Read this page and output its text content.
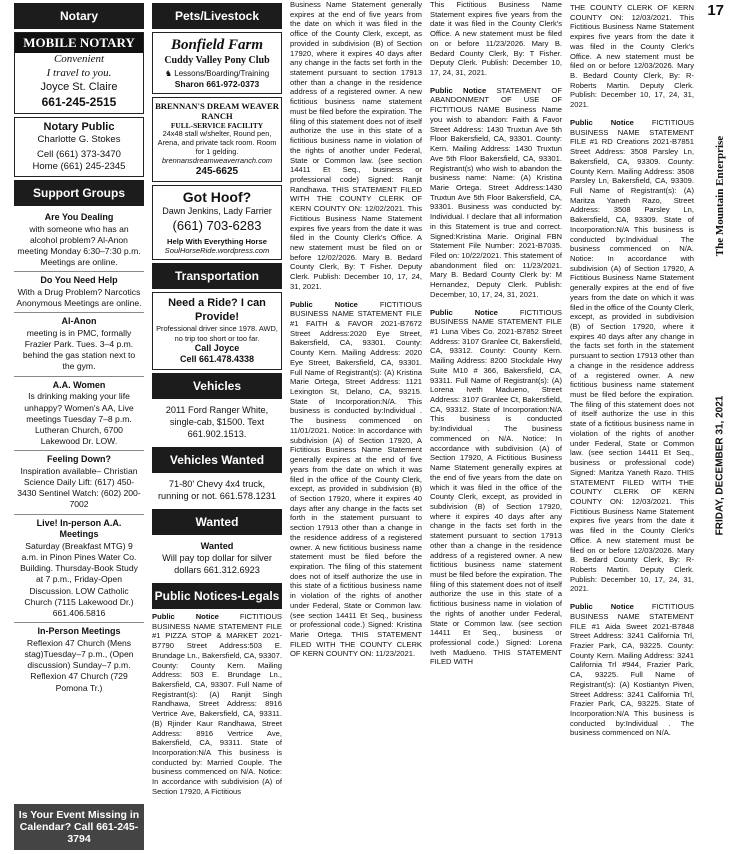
17
The Mountain Enterprise
FRIDAY, DECEMBER 31, 2021
Notary
MOBILE NOTARY
Convenient
I travel to you.
Joyce St. Claire
661-245-2515
Notary Public
Charlotte G. Stokes
Cell (661) 373-3470
Home (661) 245-2345
Support Groups
Are You Dealing
with someone who has an alcohol problem? Al-Anon meeting Monday 6:30–7:30 p.m. Meetings are online.
Do You Need Help
With a Drug Problem? Narcotics Anonymous Meetings are online.
Al-Anon
meeting is in PMC, formally Frazier Park. Tues. 3–4 p.m. behind the gas station next to the gym.
A.A. Women
Is drinking making your life unhappy? Women's AA, Live meetings Tuesday 7–8 p.m. Lutheran Church, 6700 Lakewood Dr. LOW.
Feeling Down?
Inspiration available– Christian Science Daily Lift: (617) 450-3430 Sentinel Watch: (602) 200-7002
Live! In-person A.A. Meetings
Saturday (Breakfast MTG) 9 a.m. in Pinon Pines Water Co. Building. Thursday-Book Study at 7 p.m., Friday-Open Discussion. LOW Catholic Church (7115 Lakewood Dr.) 661.406.5816
In-Person Meetings
Reflexion 47 Church (Mens stag)Tuesday–7 p.m., (Open discussion) Sunday–7 p.m. Reflexion 47 Church (729 Pomona Tr.)
Is Your Event Missing in Calendar? Call 661-245-3794
Pets/Livestock
Bonfield Farm
Cuddy Valley Pony Club
♞ Lessons/Boarding/Training
Sharon 661-972-0373
BRENNAN'S DREAM WEAVER RANCH
FULL-SERVICE FACILITY
24x48 stall w/shelter, Round pen, Arena, and private tack room. Room for 1 gelding.
brennansdreamweaverranch.com
245-6625
Got Hoof?
Dawn Jenkins, Lady Farrier
(661) 703-6283
Help With Everything Horse
SoulHorseRide.wordpress.com
Transportation
Need a Ride? I can Provide!
Professional driver since 1978. AWD, no trip too short or too far.
Call Joyce
Cell 661.478.4338
Vehicles
2011 Ford Ranger White, single-cab, $1500. Text 661.902.1513.
Vehicles Wanted
71-80' Chevy 4x4 truck, running or not. 661.578.1231
Wanted
Wanted
Will pay top dollar for silver dollars 661.312.6923
Public Notices-Legals

Public Notice FICTITIOUS BUSINESS NAME STATEMENT FILE #1 PIZZA STOP & MARKET 2021-B7790 Street Address:503 E. Brundage Ln., Bakersfield, CA, 93307. County: County Kern. Mailing Address: 503 E. Brundage Ln., Bakersfield, CA, 93307. Full Name of Registrant(s): (A) Ranjit Singh Randhawa, Street Address: 8916 Vertrice Ave, Bakersfield, CA, 93311. (B) Rjinder Kaur Randhawa, Street Address: 8916 Vertrice Ave, Bakersfield, CA, 93311. State of Incorporation:N/A This business is conducted by: Married Couple. The business commenced on N/A. Notice: In accordance with subdivision (A) of Section 17920, A Fictitious

Business Name Statement generally expires at the end of five years from the date on which it was filed in the office of the County Clerk, except, as provided in subdivision (B) of Section 17920, where it expires 40 days after any change in the facts set forth in the statement pursuant to section 17913 other than a change in the residence address of a registered owner. A new fictitious business name statement must be filed before the expiration. The filing of this statement does not of itself authorize the use in this state of a fictitious business name in violation of the rights of another under Federal, State or Common law. (see section 14411 Et Seq., business or professional code) Signed: Ranjit Randhawa. THIS STATEMENT FILED WITH THE COUNTY CLERK OF KERN COUNTY ON: 12/02/2021. This Fictitious Business Name Statement expires five years from the date it was filed in the County Clerk's Office. A new statement must be filed on or before 12/02/2026. Mary B. Bedard County Clerk, By: T Fisher. Deputy Clerk. Publish: December 10, 17, 24, 31, 2021.

Public Notice FICTITIOUS BUSINESS NAME STATEMENT FILE #1 FAITH & FAVOR 2021-B7672 Street Address:2020 Eye Street, Bakersfield, CA, 93301. County: County Kern. Mailing Address: 2020 Eye Street, Bakersfield, CA, 93301. Full Name of Registrant(s): (A) Kristina Marie Ortega, Street Address: 1121 Lexington St, Delano, CA, 93215. State of Incorporation:N/A. This business is conducted by:Individual . The business commenced on 11/01/2021. Notice: In accordance with subdivision (A) of Section 17920, A Fictitious Business Name Statement generally expires at the end of five years from the date on which it was filed in the office of the County Clerk, except, as provided in subdivision (B) of Section 17920, where it expires 40 days after any change in the facts set forth in the statement pursuant to section 17913 other than a change in the residence address of a registered owner. A new fictitious business name statement must be filed before the expiration. The filing of this statement does not of itself authorize the use in this state of a fictitious business name in violation of the rights of another under Federal, State or Common law. (see section 14411 Et Seq., business or professional code.) Signed: Kristina Marie Ortega. THIS STATEMENT FILED WITH THE COUNTY CLERK OF KERN COUNTY ON: 11/23/2021.

This Fictitious Business Name Statement expires five years from the date it was filed in the County Clerk's Office. A new statement must be filed on or before 11/23/2026. Mary B. Bedard County Clerk, By: T Fisher. Deputy Clerk. Publish: December 10, 17, 24, 31, 2021.

Public Notice STATEMENT OF ABANDONMENT OF USE OF FICTITIOUS NAME Business Name you wish to abandon: Faith & Favor Street Address: 1430 Truxtun Ave 5th Floor Bakersfield, CA, 93301. County: Kern. Mailing Address: 1430 Truxtun Ave 5th Floor Bakersfield, CA, 93301. Registrant(s) who wish to abandon the business name: Name: (A) Kristina Marie Ortega. Street Address:1430 Truxtun Ave 5th Floor Bakersfield, CA, 93301. Business was conducted by: Individual. I declare that all information in this Statement is true and correct. Signed:Kristina Marie. Original FBN Statement File Number: 2021-B7035. Filed on: 10/22/2021. This statement of abandonment filed on: 11/23/2021. Mary B. Bedard County Clerk by: M Hernandez, Deputy Clerk. Publish: December, 10, 17, 24, 31, 2021.

Public Notice FICTITIOUS BUSINESS NAME STATEMENT FILE #1 Luna Vibes Co. 2021-B7852 Street Address: 3107 Granlee Ct, Bakersfield, CA, 93312. County: County Kern. Mailing Address: 8200 Stockdale Hwy Suite M10 # 366, Bakersfield, CA, 93311. Full Name of Registrant(s): (A) Lorena Iveth Madueno, Street Address: 3107 Granlee Ct, Bakersfield, CA, 93312. State of Incorporation:N/A This business is conducted by:Individual . The business commenced on N/A. Notice: In accordance with subdivision (A) of Section 17920, A Fictitious Business Name Statement generally expires at the end of five years from the date on which it was filed in the office of the County Clerk, except, as provided in subdivision (B) of Section 17920, where it expires 40 days after any change in the facts set forth in the statement pursuant to section 17913 other than a change in the residence address of a registered owner. A new fictitious business name statement must be filed before the expiration. The filing of this statement does not of itself authorize the use in this state of a fictitious business name in violation of the rights of another under Federal, State or Common law. (see section 14411 Et Seq., business or professional code.) Signed: Lorena Iveth Madueno. THIS STATEMENT FILED WITH

THE COUNTY CLERK OF KERN COUNTY ON: 12/03/2021. This Fictitious Business Name Statement expires five years from the date it was filed in the County Clerk's Office. A new statement must be filed on or before 12/03/2026. Mary B. Bedard County Clerk, By: R-Roberts Martin. Deputy Clerk. Publish: December 10, 17, 24, 31, 2021.

Public Notice FICTITIOUS BUSINESS NAME STATEMENT FILE #1 RD Creations 2021-B7851 Street Address: 3508 Parsley Ln, Bakersfield, CA, 93309. County: County Kern. Mailing Address: 3508 Parsley Ln, Bakersfield, CA, 93309. Full Name of Registrant(s): (A) Maritza Yaneth Razo, Street Address: 3508 Parsley Ln, Bakersfield, CA, 93309. State of Incorporation:N/A This business is conducted by:Individual . The business commenced on N/A. Notice: In accordance with subdivision (A) of Section 17920, A Fictitious Business Name Statement generally expires at the end of five years from the date on which it was filed in the office of the County Clerk, except, as provided in subdivision (B) of Section 17920, where it expires 40 days after any change in the facts set forth in the statement pursuant to section 17913 other than a change in the residence address of a registered owner. A new fictitious business name statement must be filed before the expiration. The filing of this statement does not of itself authorize the use in this state of a fictitious business name in violation of the rights of another under Federal, State or Common law. (see section 14411 Et Seq., business or professional code) Signed: Maritza Yaneth Razo. THIS STATEMENT FILED WITH THE COUNTY CLERK OF KERN COUNTY ON: 12/03/2021. This Fictitious Business Name Statement expires five years from the date it was filed in the County Clerk's Office. A new statement must be filed on or before 12/03/2026. Mary B. Bedard County Clerk, By: R-Roberts Martin. Deputy Clerk. Publish: December 10, 17, 24, 31, 2021.

Public Notice FICTITIOUS BUSINESS NAME STATEMENT FILE #1 Aida Sweet 2021-B7848 Street Address: 3241 California Trl, Frazier Park, CA, 93225. County: County Kern. Mailing Address: 3241 California Trl #944, Frazier Park, CA, 93225. Full Name of Registrant(s): (A) Kostiantyn Piven, Street Address: 3241 California Trl, Frazier Park, CA, 93225. State of Incorporation:N/A This business is conducted by:Individual . The business commenced on N/A.
